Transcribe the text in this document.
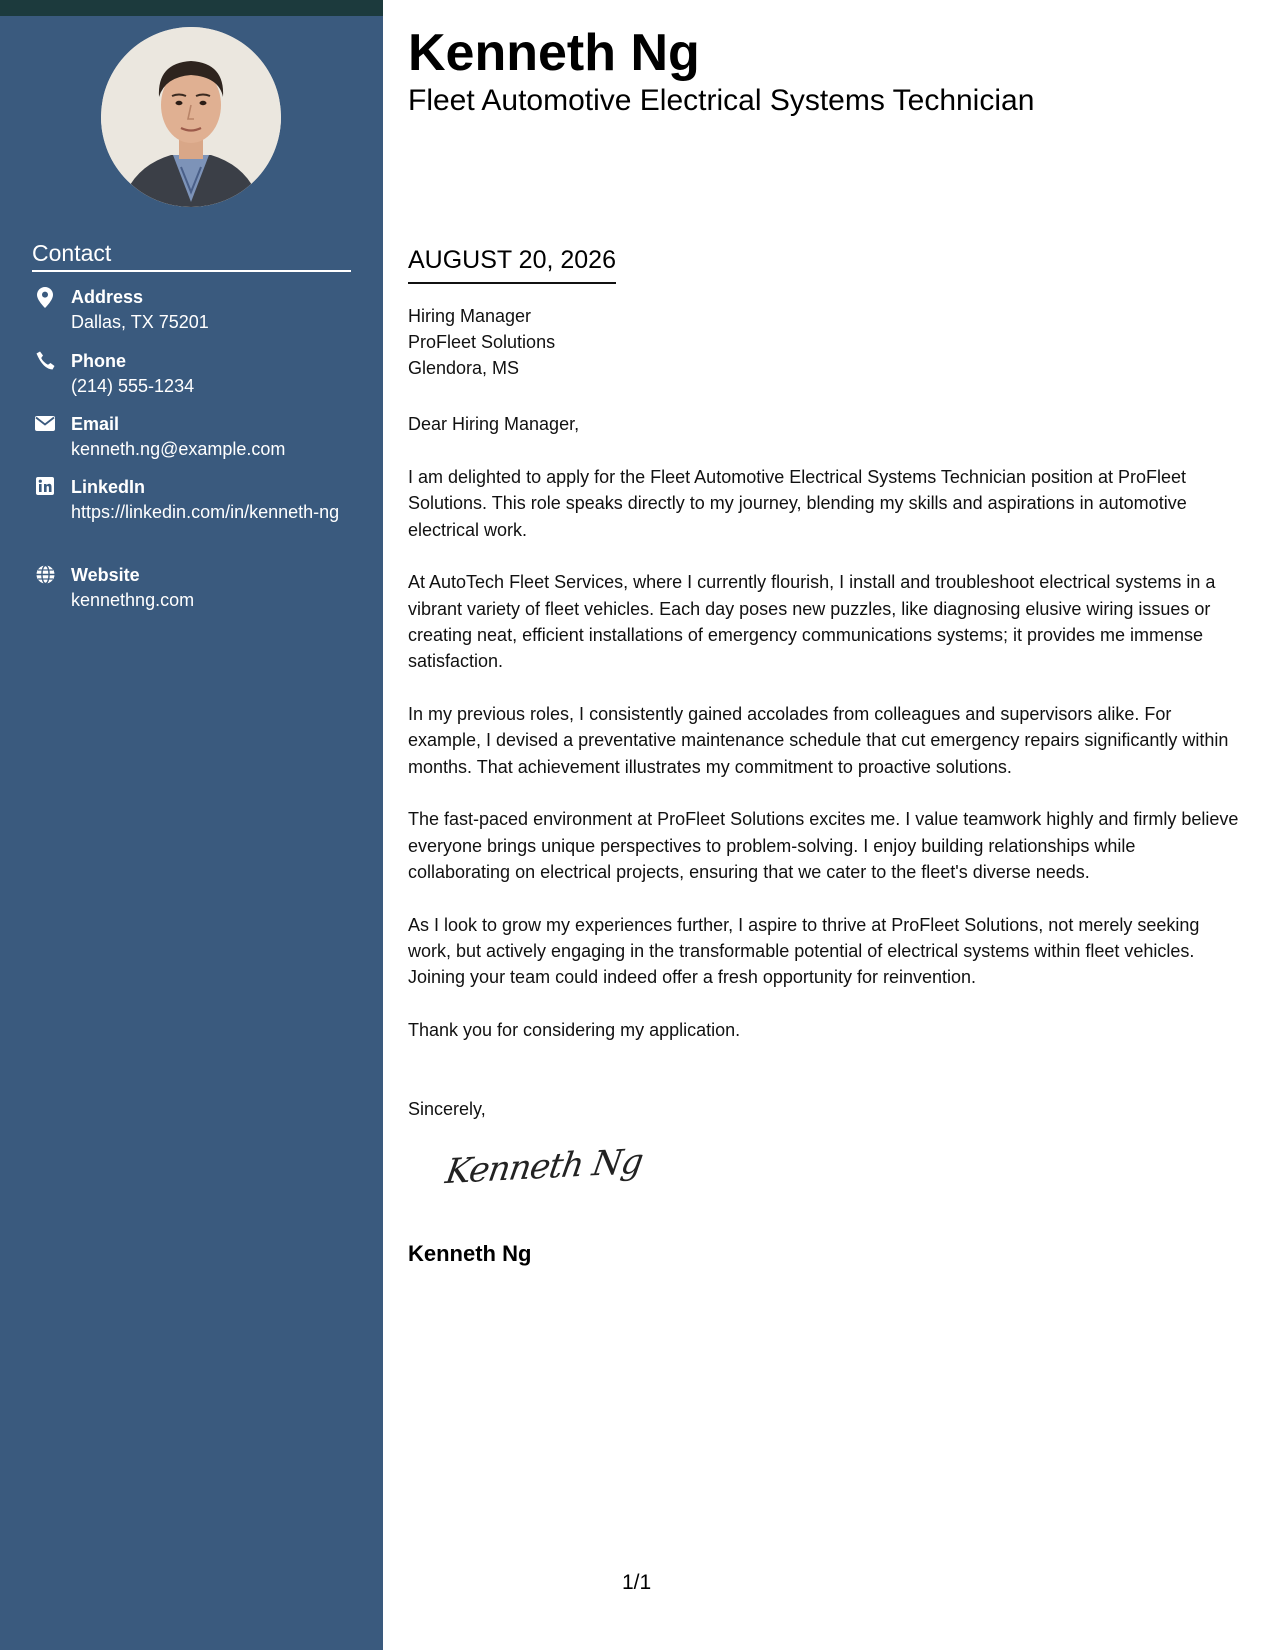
Contact
Address
Dallas, TX 75201
Phone
(214) 555-1234
Email
kenneth.ng@example.com
LinkedIn
https://linkedin.com/in/kenneth-ng
Website
kennethng.com
Kenneth Ng
Fleet Automotive Electrical Systems Technician
AUGUST 20, 2026
Hiring Manager
ProFleet Solutions
Glendora, MS
Dear Hiring Manager,

I am delighted to apply for the Fleet Automotive Electrical Systems Technician position at ProFleet Solutions. This role speaks directly to my journey, blending my skills and aspirations in automotive electrical work.

At AutoTech Fleet Services, where I currently flourish, I install and troubleshoot electrical systems in a vibrant variety of fleet vehicles. Each day poses new puzzles, like diagnosing elusive wiring issues or creating neat, efficient installations of emergency communications systems; it provides me immense satisfaction.

In my previous roles, I consistently gained accolades from colleagues and supervisors alike. For example, I devised a preventative maintenance schedule that cut emergency repairs significantly within months. That achievement illustrates my commitment to proactive solutions.

The fast-paced environment at ProFleet Solutions excites me. I value teamwork highly and firmly believe everyone brings unique perspectives to problem-solving. I enjoy building relationships while collaborating on electrical projects, ensuring that we cater to the fleet's diverse needs.

As I look to grow my experiences further, I aspire to thrive at ProFleet Solutions, not merely seeking work, but actively engaging in the transformable potential of electrical systems within fleet vehicles. Joining your team could indeed offer a fresh opportunity for reinvention.

Thank you for considering my application.

Sincerely,
Kenneth Ng
Kenneth Ng
1/1
